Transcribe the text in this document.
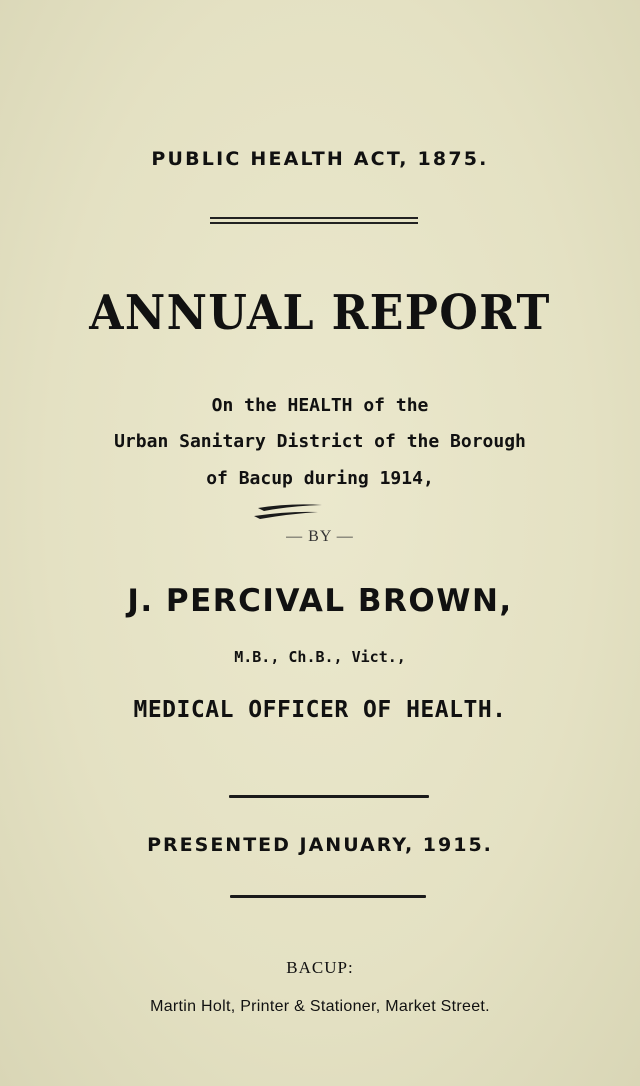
PUBLIC HEALTH ACT, 1875.
ANNUAL REPORT
On the HEALTH of the
Urban Sanitary District of the Borough
of Bacup during 1914,
— BY —
J. PERCIVAL BROWN,
M.B., Ch.B., Vict.,
MEDICAL OFFICER OF HEALTH.
PRESENTED JANUARY, 1915.
BACUP:
Martin Holt, Printer & Stationer, Market Street.
